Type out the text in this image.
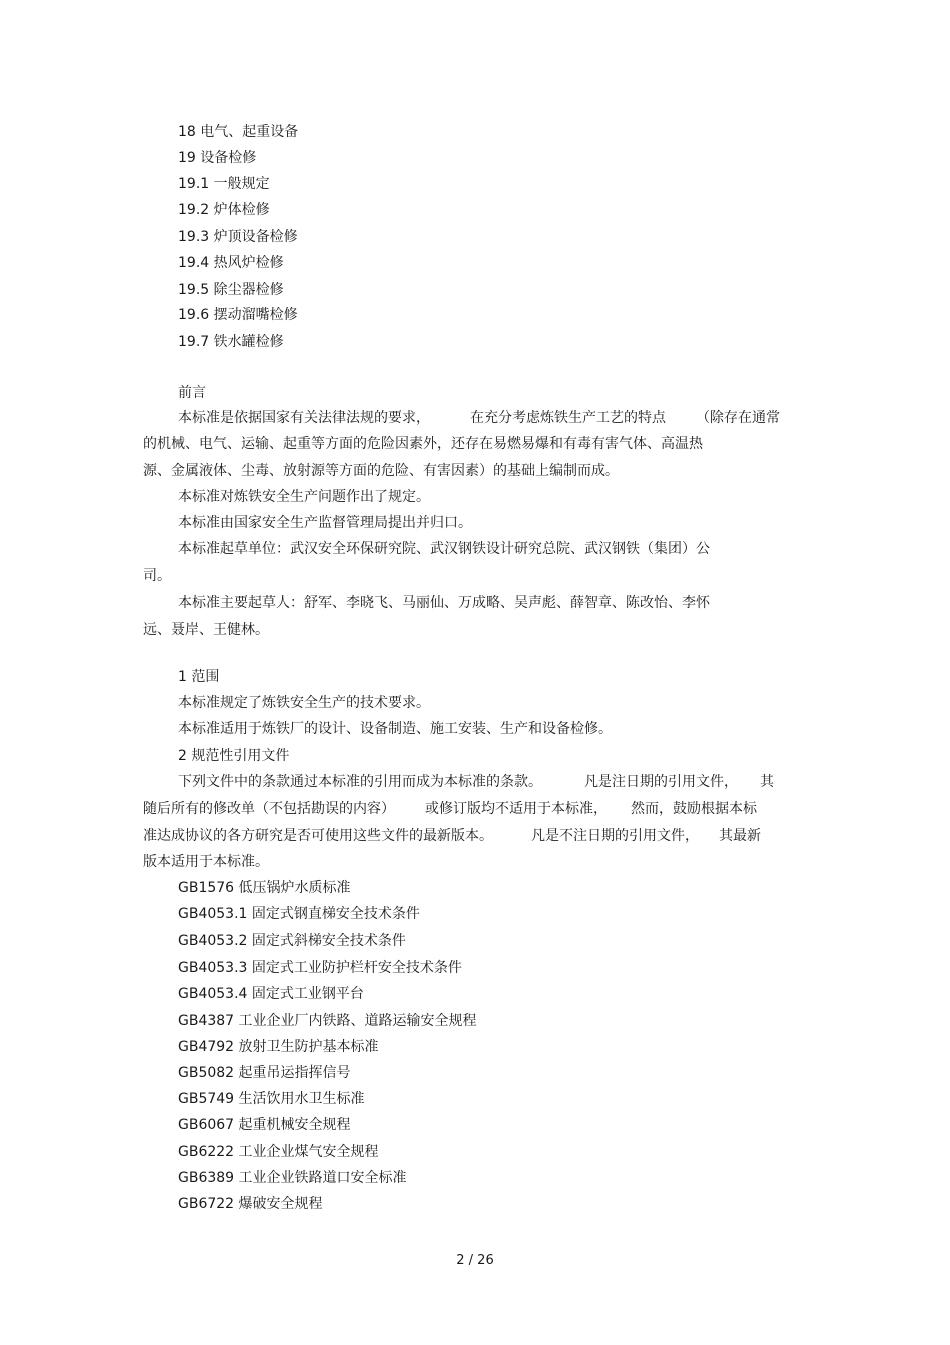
18 电气、起重设备
19 设备检修
19.1 一般规定
19.2 炉体检修
19.3 炉顶设备检修
19.4 热风炉检修
19.5 除尘器检修
19.6 摆动溜嘴检修
19.7 铁水罐检修
前言
本标准是依据国家有关法律法规的要求，	在充分考虑炼铁生产工艺的特点 （除存在通常
的机械、电气、运输、起重等方面的危险因素外，还存在易燃易爆和有毒有害气体、高温热
源、金属液体、尘毒、放射源等方面的危险、有害因素）的基础上编制而成。
本标准对炼铁安全生产问题作出了规定。
本标准由国家安全生产监督管理局提出并归口。
本标准起草单位：武汉安全环保研究院、武汉钢铁设计研究总院、武汉钢铁（集团）公
司。
本标准主要起草人：舒军、李晓飞、马丽仙、万成略、吴声彪、薛智章、陈改怡、李怀
远、聂岸、王健林。
1 范围
本标准规定了炼铁安全生产的技术要求。
本标准适用于炼铁厂的设计、设备制造、施工安装、生产和设备检修。
2 规范性引用文件
下列文件中的条款通过本标准的引用而成为本标准的条款。	凡是注日期的引用文件， 其
随后所有的修改单（不包括勘误的内容） 或修订版均不适用于本标准， 然而，鼓励根据本标
准达成协议的各方研究是否可使用这些文件的最新版本。	凡是不注日期的引用文件， 其最新
版本适用于本标准。
GB1576 低压锅炉水质标准
GB4053.1 固定式钢直梯安全技术条件
GB4053.2 固定式斜梯安全技术条件
GB4053.3 固定式工业防护栏杆安全技术条件
GB4053.4 固定式工业钢平台
GB4387 工业企业厂内铁路、道路运输安全规程
GB4792 放射卫生防护基本标准
GB5082 起重吊运指挥信号
GB5749 生活饮用水卫生标准
GB6067 起重机械安全规程
GB6222 工业企业煤气安全规程
GB6389 工业企业铁路道口安全标准
GB6722 爆破安全规程
2 / 26
